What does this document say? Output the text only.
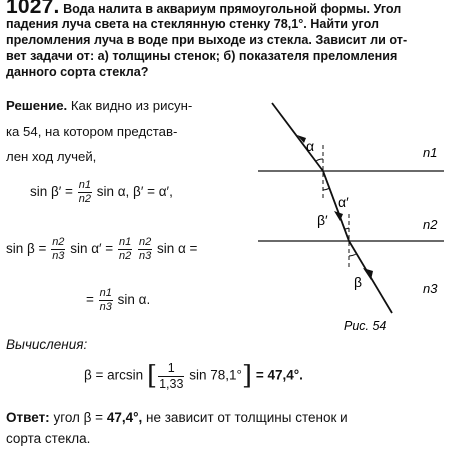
1027. Вода налита в аквариум прямоугольной формы. Угол
падения луча света на стеклянную стенку 78,1°. Найти угол
преломления луча в воде при выходе из стекла. Зависит ли от-
вет задачи от: а) толщины стенок; б) показателя преломления
данного сорта стекла?
Решение. Как видно из рисун-
ка 54, на котором представ-
лен ход лучей,
$\sin \beta' = \frac{n1}{n2}$ sin α, β′ = α′,
$\sin \beta = \frac{n2}{n3}$ $\sin \alpha' = \frac{n1}{n2}$
$\frac{n2}{n3}$ sin α =
= $\frac{n1}{n3}$ sin α.
Вычисления:
β = arcsin [ $\frac{1}{1,33}$ sin 78,1°] = 47,4°.
Ответ: угол β = 47,4°, не зависит от толщины стенок и
сорта стекла.
α
α′
β′
β
n1
n2
n3
Рис. 54
